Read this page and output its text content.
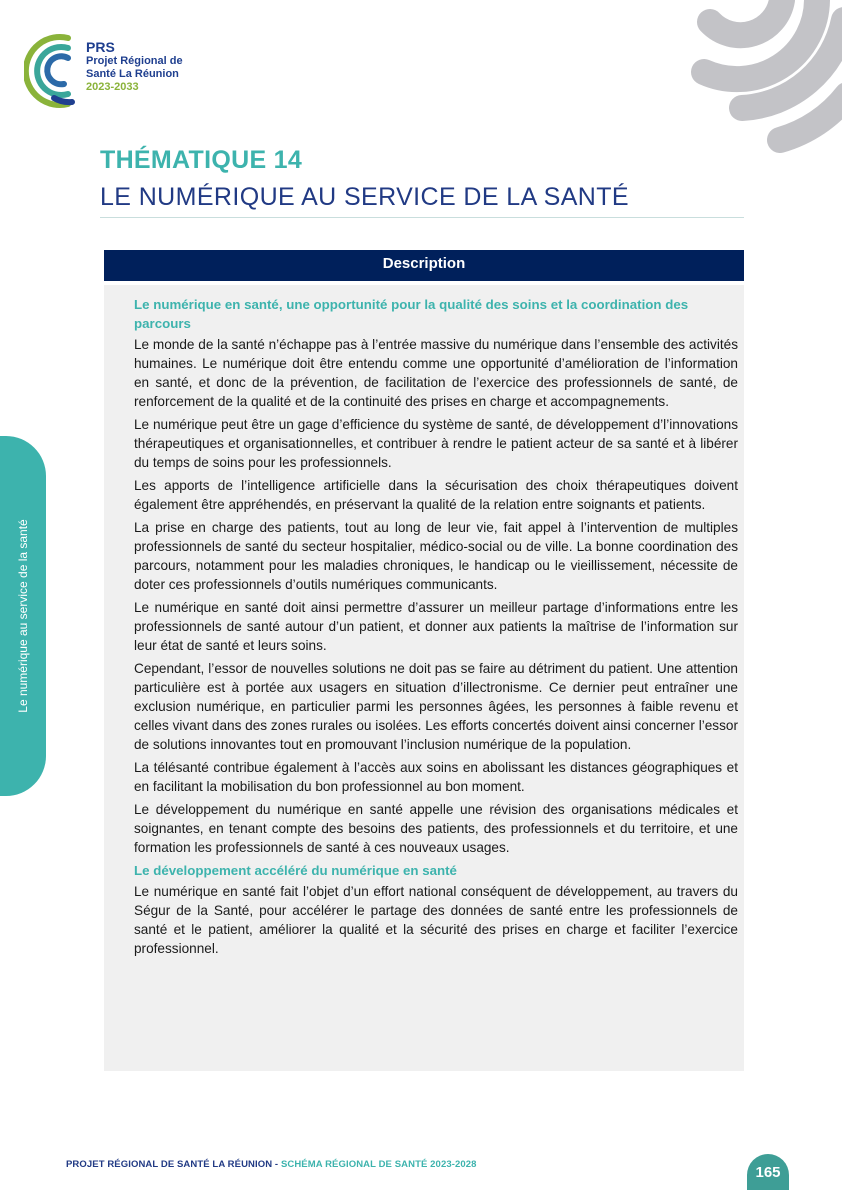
PRS
Projet Régional de
Santé La Réunion
2023-2033
THÉMATIQUE 14
LE NUMÉRIQUE AU SERVICE DE LA SANTÉ
Le numérique au service de la santé
Description
Le numérique en santé, une opportunité pour la qualité des soins et la coordination des parcours

Le monde de la santé n’échappe pas à l’entrée massive du numérique dans l’ensemble des activités humaines. Le numérique doit être entendu comme une opportunité d’amélioration de l’information en santé, et donc de la prévention, de facilitation de l’exercice des professionnels de santé, de renforcement de la qualité et de la continuité des prises en charge et accompagnements.

Le numérique peut être un gage d’efficience du système de santé, de développement d’l’innovations thérapeutiques et organisationnelles, et contribuer à rendre le patient acteur de sa santé et à libérer du temps de soins pour les professionnels.

Les apports de l’intelligence artificielle dans la sécurisation des choix thérapeutiques doivent également être appréhendés, en préservant la qualité de la relation entre soignants et patients.

La prise en charge des patients, tout au long de leur vie, fait appel à l’intervention de multiples professionnels de santé du secteur hospitalier, médico-social ou de ville. La bonne coordination des parcours, notamment pour les maladies chroniques, le handicap ou le vieillissement, nécessite de doter ces professionnels d’outils numériques communicants.

Le numérique en santé doit ainsi permettre d’assurer un meilleur partage d’informations entre les professionnels de santé autour d’un patient, et donner aux patients la maîtrise de l’information sur leur état de santé et leurs soins.

Cependant, l’essor de nouvelles solutions ne doit pas se faire au détriment du patient. Une attention particulière est à portée aux usagers en situation d’illectronisme. Ce dernier peut entraîner une exclusion numérique, en particulier parmi les personnes âgées, les personnes à faible revenu et celles vivant dans des zones rurales ou isolées. Les efforts concertés doivent ainsi concerner l’essor de solutions innovantes tout en promouvant l’inclusion numérique de la population.

La télésanté contribue également à l’accès aux soins en abolissant les distances géographiques et en facilitant la mobilisation du bon professionnel au bon moment.

Le développement du numérique en santé appelle une révision des organisations médicales et soignantes, en tenant compte des besoins des patients, des professionnels et du territoire, et une formation les professionnels de santé à ces nouveaux usages.

Le développement accéléré du numérique en santé

Le numérique en santé fait l’objet d’un effort national conséquent de développement, au travers du Ségur de la Santé, pour accélérer le partage des données de santé entre les professionnels de santé et le patient, améliorer la qualité et la sécurité des prises en charge et faciliter l’exercice professionnel.

PROJET RÉGIONAL DE SANTÉ LA RÉUNION - SCHÉMA RÉGIONAL DE SANTÉ 2023-2028	165
